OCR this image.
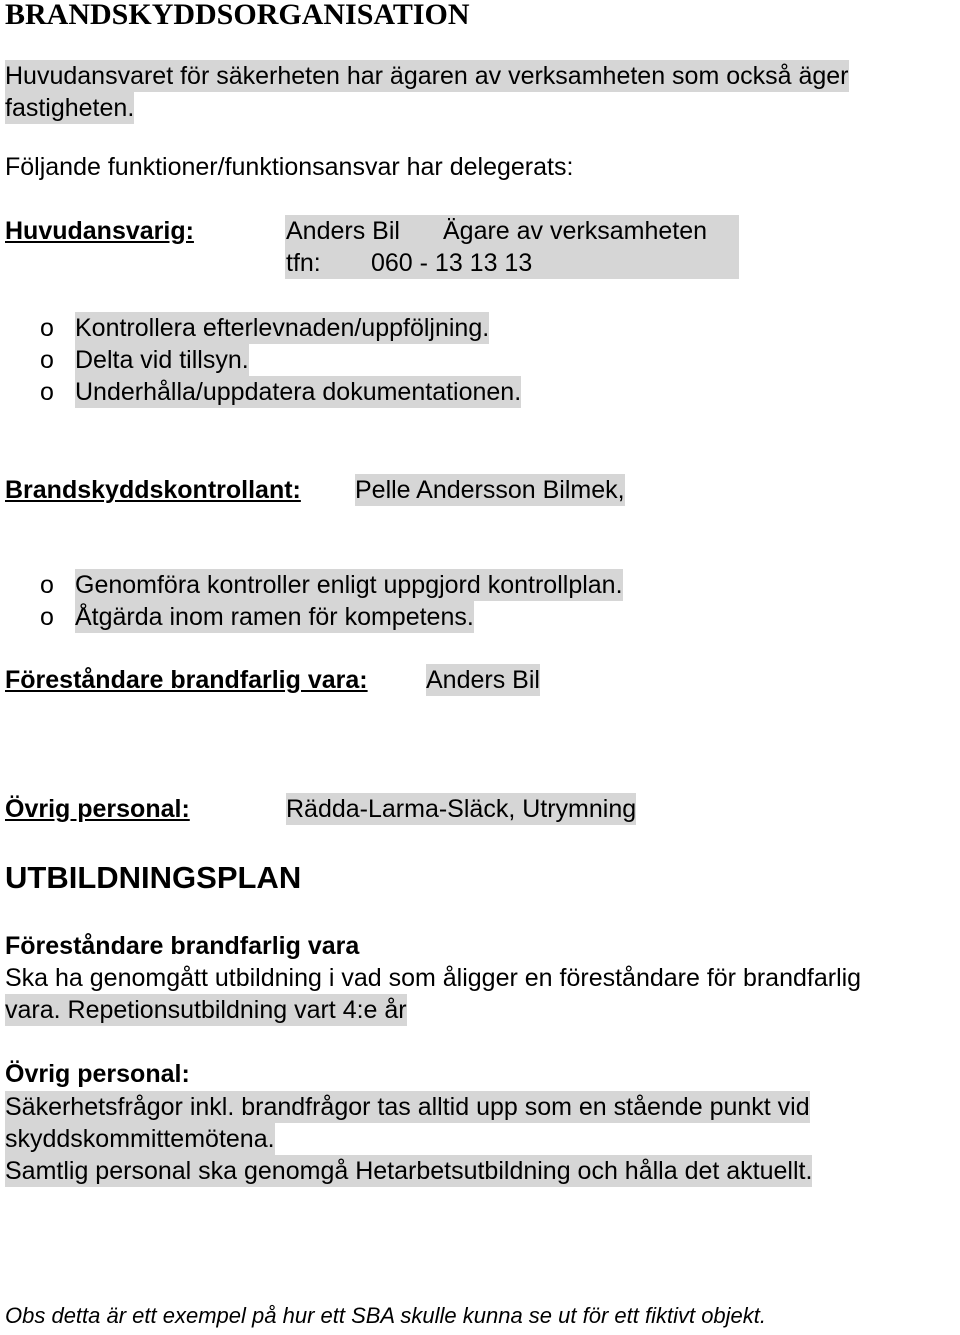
BRANDSKYDDSORGANISATION
Huvudansvaret för säkerheten har ägaren av verksamheten som också äger
fastigheten.
Följande funktioner/funktionsansvar har delegerats:
Huvudansvarig:	Anders Bil Ägare av verksamheten
tfn: 060 - 13 13 13
o Kontrollera efterlevnaden/uppföljning.
o Delta vid tillsyn.
o Underhålla/uppdatera dokumentationen.
Brandskyddskontrollant: Pelle Andersson Bilmek,
o Genomföra kontroller enligt uppgjord kontrollplan.
o Åtgärda inom ramen för kompetens.
Föreståndare brandfarlig vara: Anders Bil
Övrig personal:	Rädda-Larma-Släck, Utrymning
UTBILDNINGSPLAN
Föreståndare brandfarlig vara
Ska ha genomgått utbildning i vad som åligger en föreståndare för brandfarlig
vara. Repetionsutbildning vart 4:e år
Övrig personal:
Säkerhetsfrågor inkl. brandfrågor tas alltid upp som en stående punkt vid
skyddskommittemötena.
Samtlig personal ska genomgå Hetarbetsutbildning och hålla det aktuellt.
Obs detta är ett exempel på hur ett SBA skulle kunna se ut för ett fiktivt objekt.
